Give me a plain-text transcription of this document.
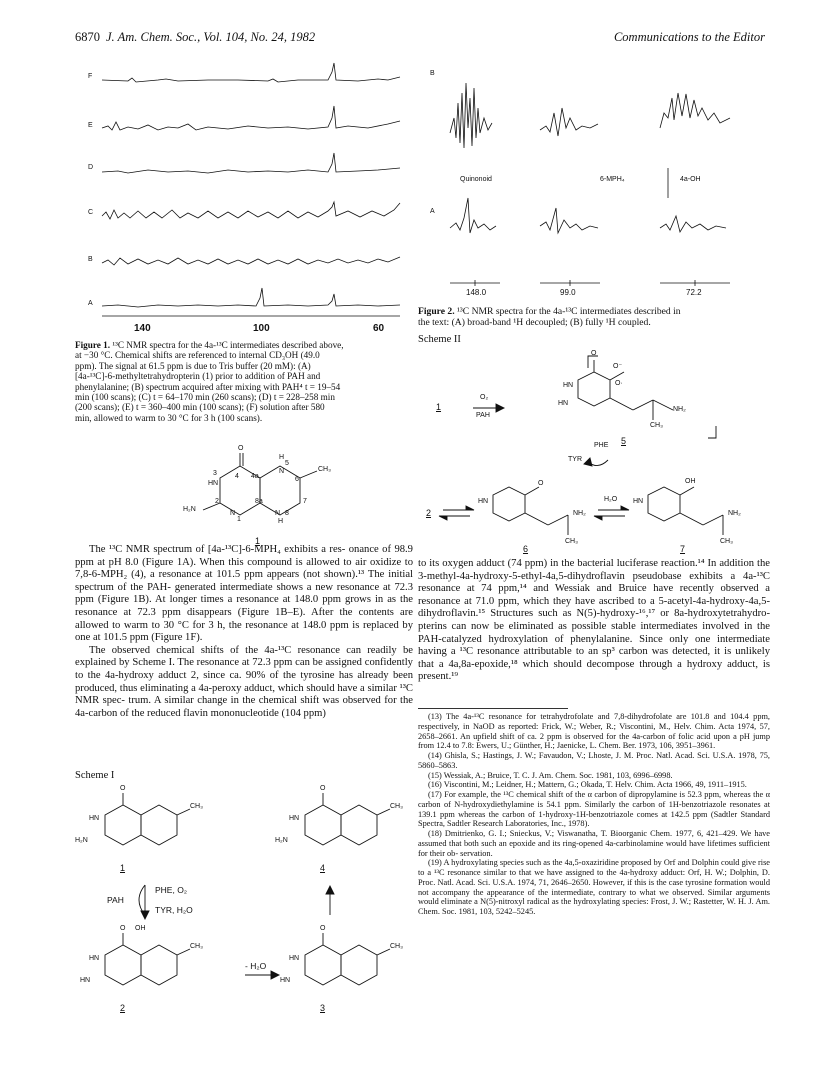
6870 J. Am. Chem. Soc., Vol. 104, No. 24, 1982	Communications to the Editor
F
E
D
C
B
A
140	100	60
Figure 1. ¹³C NMR spectra for the 4a-¹³C intermediates described above,
at −30 °C. Chemical shifts are referenced to internal CD₃OH (49.0
ppm). The signal at 61.5 ppm is due to Tris buffer (20 mM): (A)
[4a-¹³C]-6-methyltetrahydropterin (1) prior to addition of PAH and
phenylalanine; (B) spectrum acquired after mixing with PAH⁴ t = 19–54
min (100 scans); (C) t = 64–170 min (260 scans); (D) t = 228–258 min
(200 scans); (E) t = 360–400 min (100 scans); (F) solution after 580
min, allowed to warm to 30 °C for 3 h (100 scans).
O
H
5
CH₃
3	4 4a
N
6
HN
7
H₂N
2
N
8a
N
1
8
H
1

The ¹³C NMR spectrum of [4a-¹³C]-6-MPH₄ exhibits a res- onance of 98.9 ppm at pH 8.0 (Figure 1A). When this compound is allowed to air oxidize to 7,8-6-MPH₂ (4), a resonance at 101.5 ppm appears (not shown).¹³ The initial spectrum of the PAH- generated intermediate shows a new resonance at 72.3 ppm (Figure 1B). At longer times a resonance at 148.0 ppm grows in as the resonance at 72.3 ppm disappears (Figure 1B–E). After the contents are allowed to warm to 30 °C for 3 h, the resonance at 148.0 ppm is replaced by one at 101.5 ppm (Figure 1F).

The observed chemical shifts of the 4a-¹³C resonance can readily be explained by Scheme I. The resonance at 72.3 ppm can be assigned confidently to the 4a-hydroxy adduct 2, since ca. 90% of the tyrosine has already been produced, thus eliminating a 4a-peroxy adduct, which should have a similar ¹³C NMR spec- trum. A similar change in the chemical shift was observed for the 4a-carbon of the reduced flavin mononucleotide (104 ppm)

Scheme I
O
HN
H₂N
CH₃
O
HN
H₂N
CH₃
1	4
PHE, O₂
PAH
TYR, H₂O
O OH
HN
HN
CH₃
- H₂O
O
HN
HN
CH₃
2	3
B
A
Quinonoid	6-MPH₄	4a-OH
148.0	99.0	72.2
Figure 2. ¹³C NMR spectra for the 4a-¹³C intermediates described in
the text: (A) broad-band ¹H decoupled; (B) fully ¹H coupled.
Scheme II
1
O₂
PAH
O
O⁻
O·
HN
HN
NH₂
CH₃
5
PHE
TYR
2
HN
O
NH₂
CH₃
6
H₂O HN
OH
NH₂
CH₃
7
to its oxygen adduct (74 ppm) in the bacterial luciferase reaction.¹⁴ In addition the 3-methyl-4a-hydroxy-5-ethyl-4a,5-dihydroflavin pseudobase exhibits a 4a-¹³C resonance at 74 ppm,¹⁴ and Wessiak and Bruice have recently observed a resonance at 71.0 ppm, which they have ascribed to a 5-acetyl-4a-hydroxy-4a,5-dihydroflavin.¹⁵ Structures such as N(5)-hydroxy-¹⁶,¹⁷ or 8a-hydroxytetrahydro- pterins can now be eliminated as possible stable intermediates involved in the PAH-catalyzed hydroxylation of phenylalanine. Since only one intermediate having a ¹³C resonance attributable to an sp³ carbon was detected, it is unlikely that a 4a,8a-epoxide,¹⁸ which should decompose through a hydroxy adduct, is present.¹⁹

(13) The 4a-¹³C resonance for tetrahydrofolate and 7,8-dihydrofolate are 101.8 and 104.4 ppm, respectively, in NaOD as reported: Frick, W.; Weber, R.; Viscontini, M., Helv. Chim. Acta 1974, 57, 2658–2661. An upfield shift of ca. 2 ppm is observed for the 4a-carbon of folic acid upon a pH jump from 12.4 to 7.8: Ewers, U.; Günther, H.; Jaenicke, L. Chem. Ber. 1973, 106, 3951–3961.

(14) Ghisla, S.; Hastings, J. W.; Favaudon, V.; Lhoste, J. M. Proc. Natl. Acad. Sci. U.S.A. 1978, 75, 5860–5863.

(15) Wessiak, A.; Bruice, T. C. J. Am. Chem. Soc. 1981, 103, 6996–6998.

(16) Viscontini, M.; Leidner, H.; Mattern, G.; Okada, T. Helv. Chim. Acta 1966, 49, 1911–1915.

(17) For example, the ¹³C chemical shift of the α carbon of dipropylamine is 52.3 ppm, whereas the α carbon of N-hydroxydiethylamine is 54.1 ppm. Similarly the carbon of 1H-benzotriazole resonates at 139.1 ppm whereas the carbon of 1-hydroxy-1H-benzotriazole comes at 142.5 ppm (Sadtler Standard Spectra, Sadtler Research Laboratories, Inc., 1978).

(18) Dmitrienko, G. I.; Snieckus, V.; Viswanatha, T. Bioorganic Chem. 1977, 6, 421–429. We have assumed that both such an epoxide and its ring-opened 4a-carbinolamine would have lifetimes sufficient for their ob- servation.

(19) A hydroxylating species such as the 4a,5-oxaziridine proposed by Orf and Dolphin could give rise to a ¹³C resonance similar to that we have assigned to the 4a-hydroxy adduct: Orf, H. W.; Dolphin, D. Proc. Natl. Acad. Sci. U.S.A. 1974, 71, 2646–2650. However, if this is the case tyrosine formation would not accompany the appearance of the intermediate, contrary to what we observed. Similar arguments would eliminate a N(5)-nitroxyl radical as the hydroxylating species: Frost, J. W.; Rastetter, W. H. J. Am. Chem. Soc. 1981, 103, 5242–5245.
